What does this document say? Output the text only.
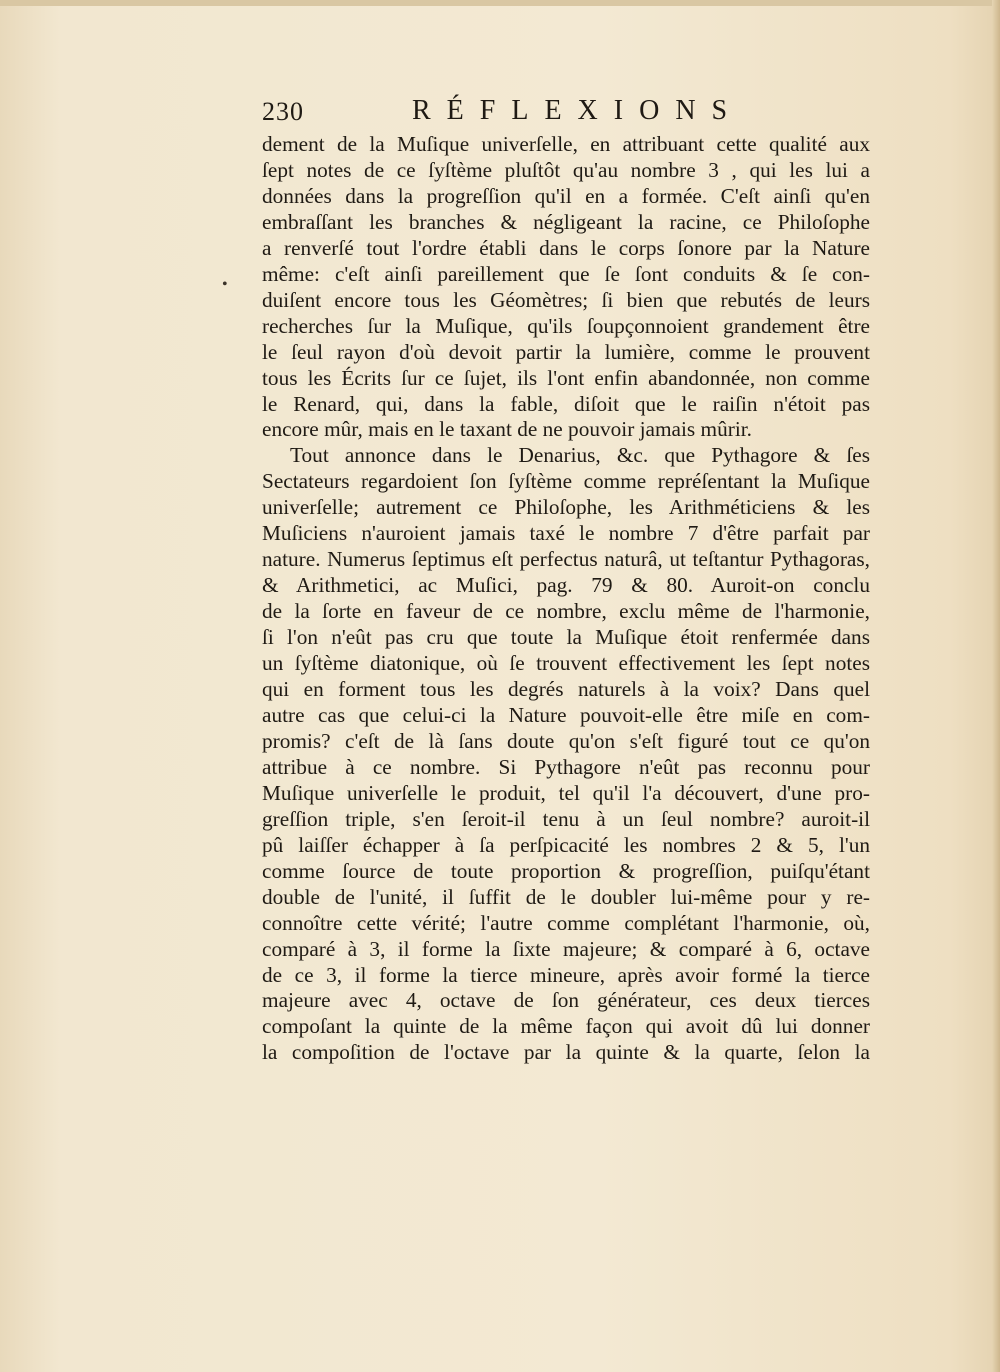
230	RÉFLEXIONS
dement de la Muſique univerſelle, en attribuant cette qualité aux
ſept notes de ce ſyſtème pluſtôt qu'au nombre 3 , qui les lui a
données dans la progreſſion qu'il en a formée. C'eſt ainſi qu'en
embraſſant les branches & négligeant la racine, ce Philoſophe
a renverſé tout l'ordre établi dans le corps ſonore par la Nature
même: c'eſt ainſi pareillement que ſe ſont conduits & ſe con-
duiſent encore tous les Géomètres; ſi bien que rebutés de leurs
recherches ſur la Muſique, qu'ils ſoupçonnoient grandement être
le ſeul rayon d'où devoit partir la lumière, comme le prouvent
tous les Écrits ſur ce ſujet, ils l'ont enfin abandonnée, non comme
le Renard, qui, dans la fable, diſoit que le raiſin n'étoit pas
encore mûr, mais en le taxant de ne pouvoir jamais mûrir.
Tout annonce dans le Denarius, &c. que Pythagore & ſes
Sectateurs regardoient ſon ſyſtème comme repréſentant la Muſique
univerſelle; autrement ce Philoſophe, les Arithméticiens & les
Muſiciens n'auroient jamais taxé le nombre 7 d'être parfait par
nature. Numerus ſeptimus eſt perfectus naturâ, ut teſtantur Pythagoras,
& Arithmetici, ac Muſici, pag. 79 & 80. Auroit-on conclu
de la ſorte en faveur de ce nombre, exclu même de l'harmonie,
ſi l'on n'eût pas cru que toute la Muſique étoit renfermée dans
un ſyſtème diatonique, où ſe trouvent effectivement les ſept notes
qui en forment tous les degrés naturels à la voix? Dans quel
autre cas que celui-ci la Nature pouvoit-elle être miſe en com-
promis? c'eſt de là ſans doute qu'on s'eſt figuré tout ce qu'on
attribue à ce nombre. Si Pythagore n'eût pas reconnu pour
Muſique univerſelle le produit, tel qu'il l'a découvert, d'une pro-
greſſion triple, s'en ſeroit-il tenu à un ſeul nombre? auroit-il
pû laiſſer échapper à ſa perſpicacité les nombres 2 & 5, l'un
comme ſource de toute proportion & progreſſion, puiſqu'étant
double de l'unité, il ſuffit de le doubler lui-même pour y re-
connoître cette vérité; l'autre comme complétant l'harmonie, où,
comparé à 3, il forme la ſixte majeure; & comparé à 6, octave
de ce 3, il forme la tierce mineure, après avoir formé la tierce
majeure avec 4, octave de ſon générateur, ces deux tierces
compoſant la quinte de la même façon qui avoit dû lui donner
la compoſition de l'octave par la quinte & la quarte, ſelon la
•
